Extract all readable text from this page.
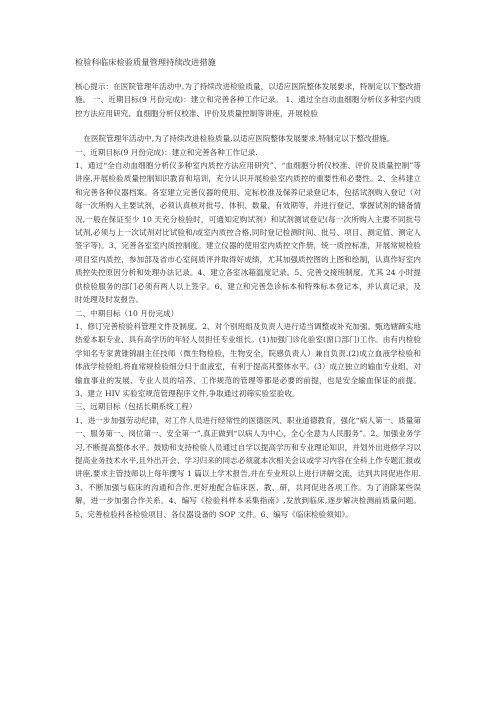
检验科临床检验质量管理持续改进措施

核心提示：在医院管理年活动中,为了持续改进检验质量，以适应医院整体发展要求，特制定以下整改措施。 一、近期目标(9 月份完成)：建立和完善各种工作记录。 1、通过全自动血细胞分析仪多种室内质控方法应用研究、血细胞分析仪校准、评价及质量控制等讲座，开展检验

在医院管理年活动中,为了持续改进检验质量,以适应医院整体发展要求,特制定以下整改措施。

一、近期目标(9 月份完成)：建立和完善各种工作记录.

1、通过“全自动血细胞分析仪多种室内质控方法应用研究”、“血细胞分析仪校准、评价及质量控制”等讲座,开展检验质量控制知识教育和培训，充分认识开展检验室内质控的重要性和必要性。2、全科建立和完善各种仪器档案。各室建立完善仪器的使用、定标校准及保养记录登记本，包括试剂购入登记（对每一次所购入主要试剂，必须认真核对批号、体积、数量、有效期等，并进行登记，掌握试剂的储备情况,一般在保证至少 10 天充分检验时，可通知定购试剂）和试剂测试登记(每一次所购入主要不同批号试剂,必须与上一次试剂对比试验和/或室内质控合格,同时登记检测时间、批号、项目、测定值、测定人签字等)。3、完善各室室内质控制度。建立仪器的使用室内质控文件册，统一质控标准，开展常规检验项目室内质控，参加部及省市心室间质评并取得好成绩，尤其加强质控图的上图和绘制，认真作好室内质控失控原因分析和处理办法记录。4、建立各室冰箱温度记录。5、完善交接班制度。尤其 24 小时提供检验服务的部门必须有两人以上签字。6、建立和完善急诊标本和特殊标本登记本，并认真记录，及时处理及时发报告。

二、中期目标（10 月份完成）

1、修订完善检验科管理文件及制度。2、对个别班组及负责人进行适当调整或补充加强。甄选辖蹄实地热爱本职专业、具有高学历的年轻人员担任专业组长。(1)加强门诊化验室(窗口部门)工作。由有内检验学知名专家黄锥锦副主任技师（微生物检验，生物安全，院感负责人）兼自负责.(2)成立血液学检验和体液学检验组,将血常规检验细分归于血液室，有利于提高其整体水平。(3）成立独立的输血专业组，对输血事业的发展、专业人员的培养、工作规范的管理等都是必要的前提，也是安全输血保证的前提。3、建立 HIV 实验室规范管理程序文件,争取通过初筛实验室验收。

三、远期目标（包括长期系统工程）

1、进一步加强劳动纪律，对工作人员进行经常性的医德医风、职业道德教育，强化“病人第一、质量第一、服务第一、岗位第一、安全第一”,真正做到“以病人为中心，全心全意为人民服务”。2、加强业务学习,不断提高整体水平。鼓励和支持检验人员通过自学以提高学历和专业理论知识，并划外出进修学习以提高业务技术水平,且外出开会、学习归来的同志必须就本次相关会议或学习内容在全科上作专题汇报或讲座,要求主管技师以上每年撰写 1 篇以上学术报告,并在专业班以上进行讲解交流，达到共同促进作用.3、不断加强与临床的沟通和合作,更好地配合临床医、教、研，共同促进各项工作。为了消除某些误解，进一步加强合作关系。4、编写《检验科样本采集指南》,发放到临床,逐步解决检测前质量问题。5、完善检验科各检验项目、各仪器设备的 SOP 文件。6、编写《临床检验须知》。
